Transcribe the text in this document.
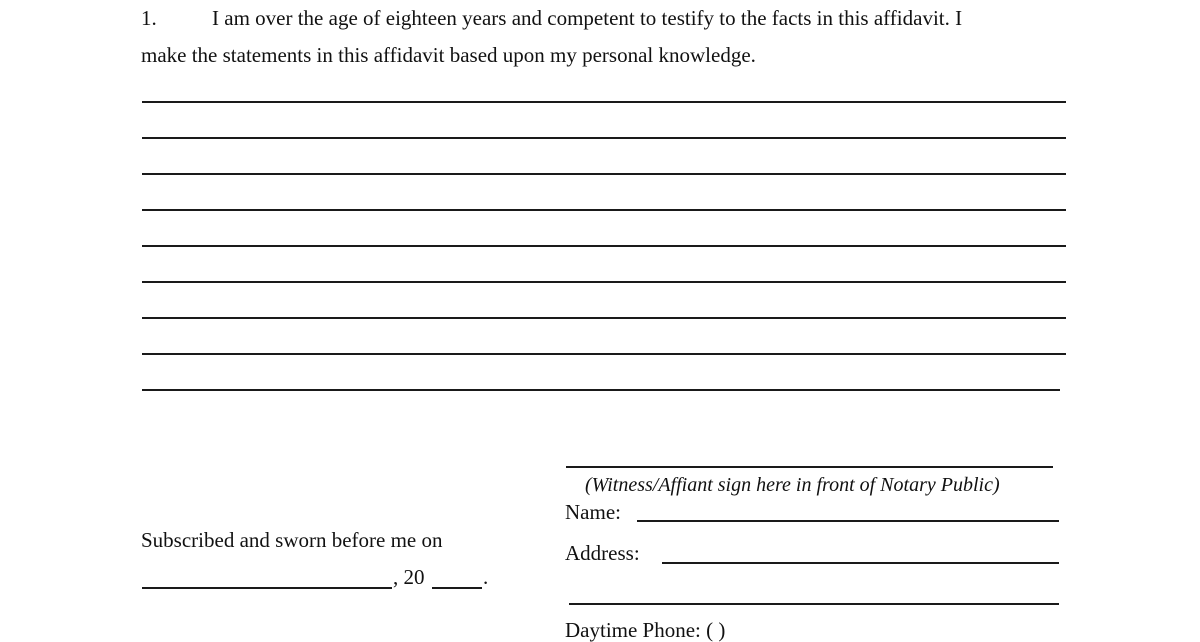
1.	I am over the age of eighteen years and competent to testify to the facts in this affidavit. I
make the statements in this affidavit based upon my personal knowledge.
(Witness/Affiant sign here in front of Notary Public)
Name:
Address:
Daytime Phone: ( )
Subscribed and sworn before me on
, 20	.
